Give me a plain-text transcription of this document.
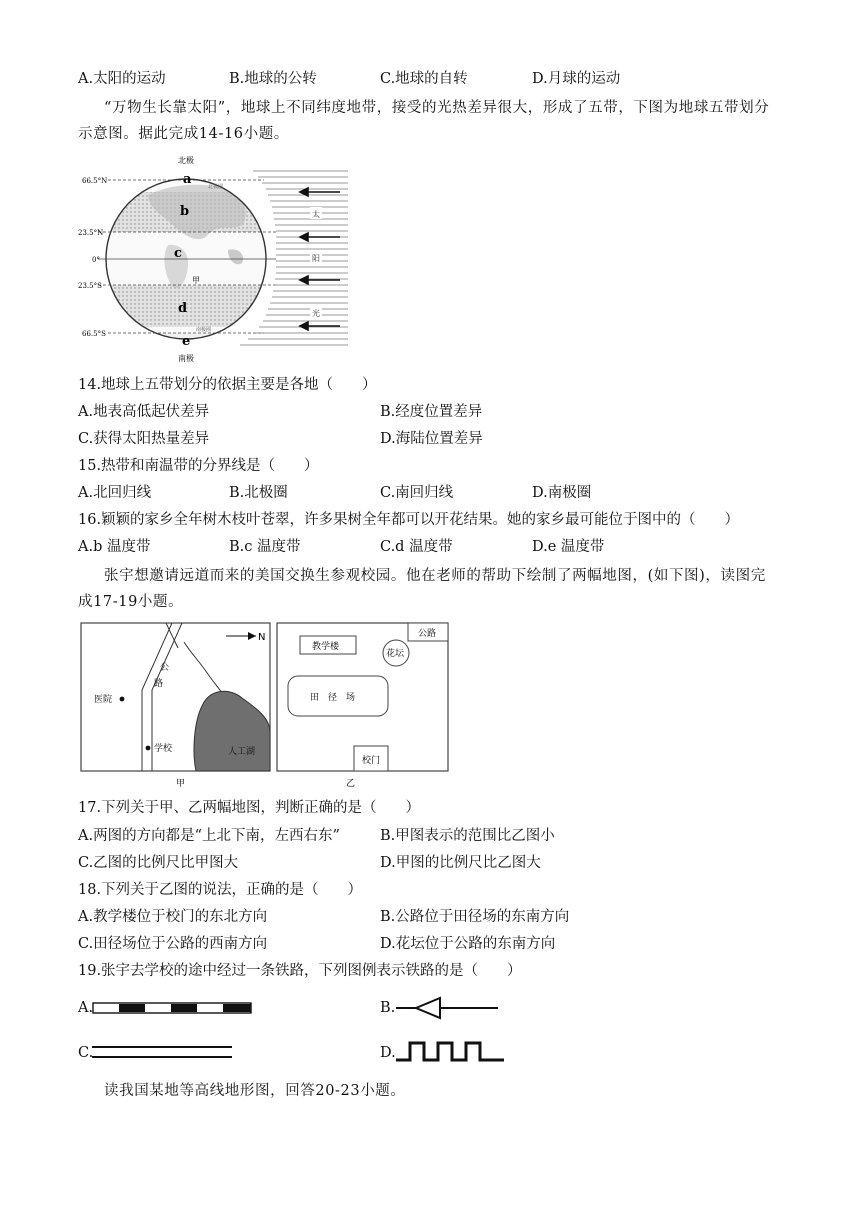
A.太阳的运动	B.地球的公转	C.地球的自转	D.月球的运动
“万物生长靠太阳”，地球上不同纬度地带，接受的光热差异很大，形成了五带，下图为地球五带划分
示意图。据此完成14-16小题。
太
阳
光
北极
南极
66.5°N
23.5°N
0°
23.5°S
66.5°S
北极圈
南极圈
a
b
c
d
e
甲
14.地球上五带划分的依据主要是各地（　　）
A.地表高低起伏差异	B.经度位置差异
C.获得太阳热量差异	D.海陆位置差异
15.热带和南温带的分界线是（　　）
A.北回归线	B.北极圈	C.南回归线	D.南极圈
16.颖颖的家乡全年树木枝叶苍翠，许多果树全年都可以开花结果。她的家乡最可能位于图中的（　　）
A.b 温度带	B.c 温度带	C.d 温度带	D.e 温度带
张宇想邀请远道而来的美国交换生参观校园。他在老师的帮助下绘制了两幅地图，(如下图)，读图完
成17-19小题。
N
公
路
医院
学校	人工湖
甲
公路
教学楼
花坛
田　径　场
校门
乙
17.下列关于甲、乙两幅地图，判断正确的是（　　）
A.两图的方向都是“上北下南，左西右东”	B.甲图表示的范围比乙图小
C.乙图的比例尺比甲图大	D.甲图的比例尺比乙图大
18.下列关于乙图的说法，正确的是（　　）
A.教学楼位于校门的东北方向	B.公路位于田径场的东南方向
C.田径场位于公路的西南方向	D.花坛位于公路的东南方向
19.张宇去学校的途中经过一条铁路，下列图例表示铁路的是（　　）
A.	B.
C.	D.
读我国某地等高线地形图，回答20-23小题。
